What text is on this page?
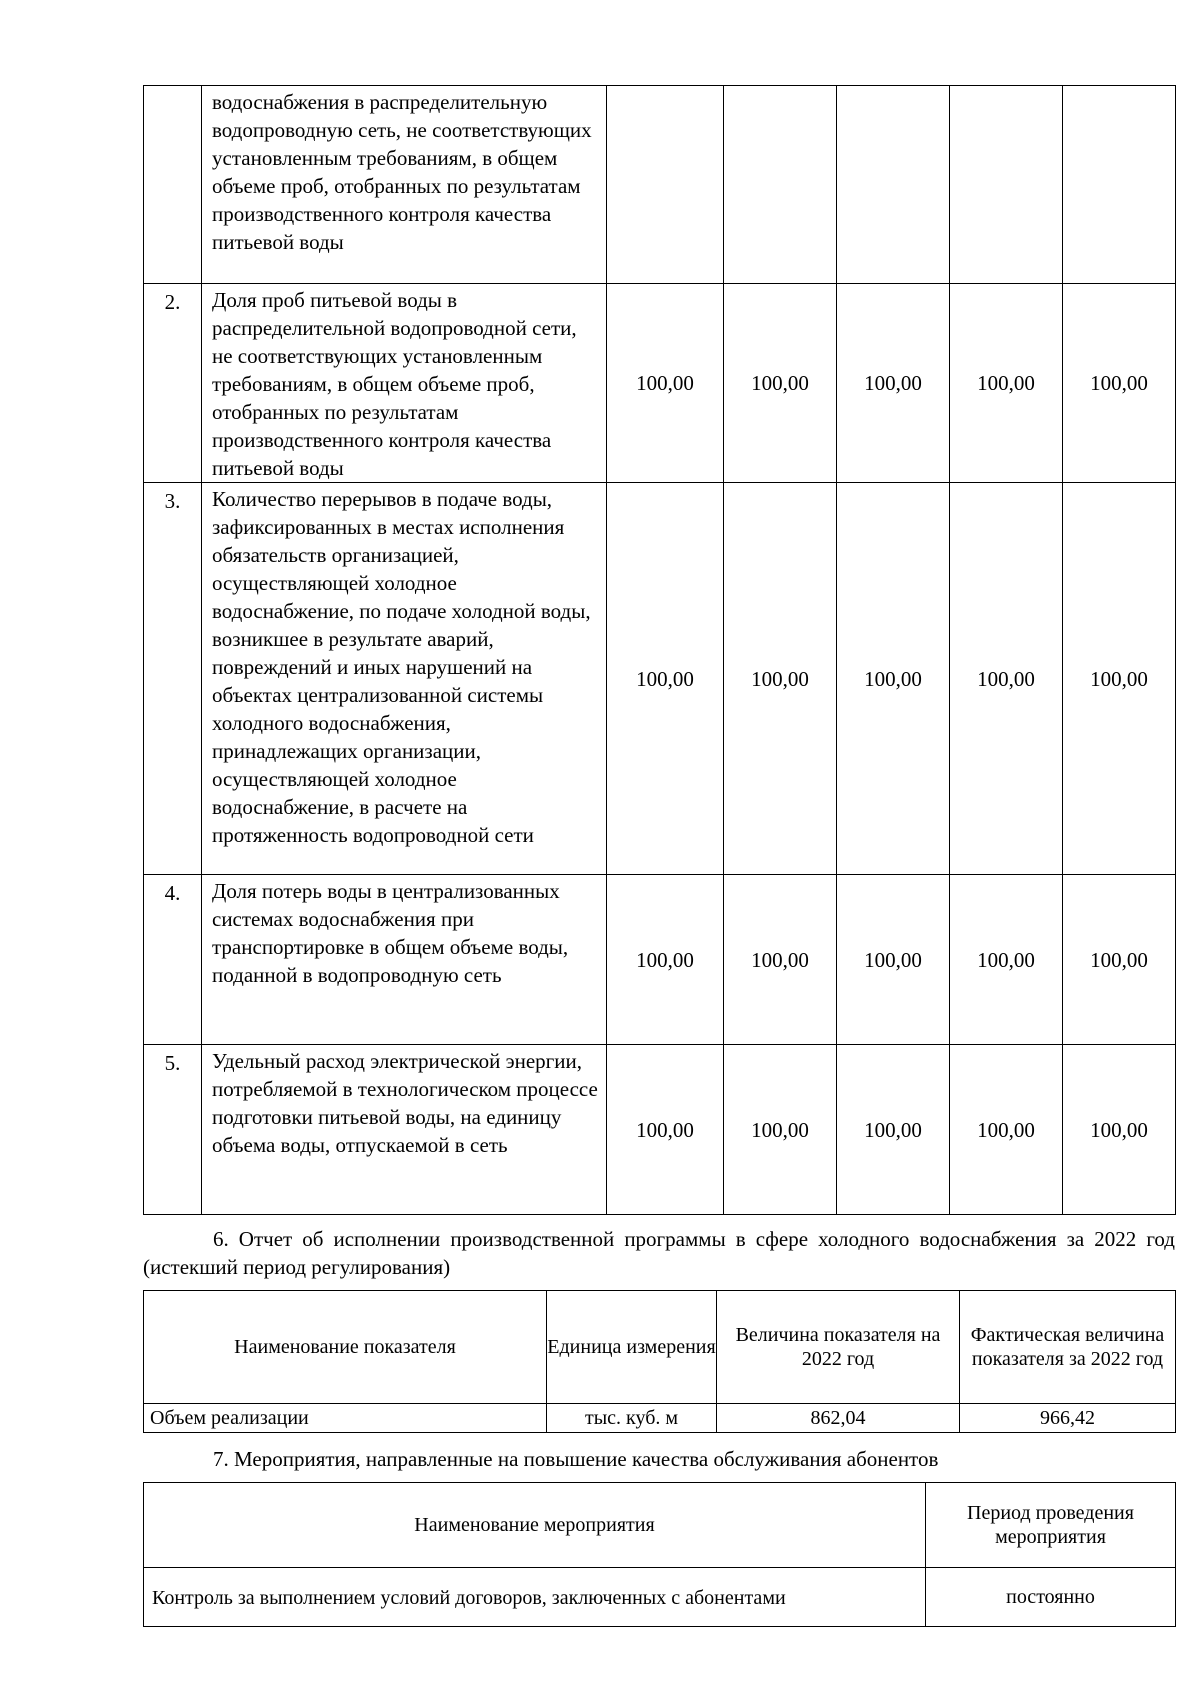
	водоснабжения в распределительную водопроводную сеть, не соответствующих установленным требованиям, в общем объеме проб, отобранных по результатам производственного контроля качества питьевой воды					
2.	Доля проб питьевой воды в распределительной водопроводной сети, не соответствующих установленным требованиям, в общем объеме проб, отобранных по результатам производственного контроля качества питьевой воды	100,00	100,00	100,00	100,00	100,00
3.	Количество перерывов в подаче воды, зафиксированных в местах исполнения обязательств организацией, осуществляющей холодное водоснабжение, по подаче холодной воды, возникшее в результате аварий, повреждений и иных нарушений на объектах централизованной системы холодного водоснабжения, принадлежащих организации, осуществляющей холодное водоснабжение, в расчете на протяженность водопроводной сети	100,00	100,00	100,00	100,00	100,00
4.	Доля потерь воды в централизованных системах водоснабжения при транспортировке в общем объеме воды, поданной в водопроводную сеть	100,00	100,00	100,00	100,00	100,00
5.	Удельный расход электрической энергии, потребляемой в технологическом процессе подготовки питьевой воды, на единицу объема воды, отпускаемой в сеть	100,00	100,00	100,00	100,00	100,00

6. Отчет об исполнении производственной программы в сфере холодного водоснабжения за 2022 год (истекший период регулирования)

Наименование показателя	Единица измерения	Величина показателя на 2022 год	Фактическая величина показателя за 2022 год
Объем реализации	тыс. куб. м	862,04	966,42

7. Мероприятия, направленные на повышение качества обслуживания абонентов

Наименование мероприятия	Период проведения мероприятия
Контроль за выполнением условий договоров, заключенных с абонентами	постоянно
